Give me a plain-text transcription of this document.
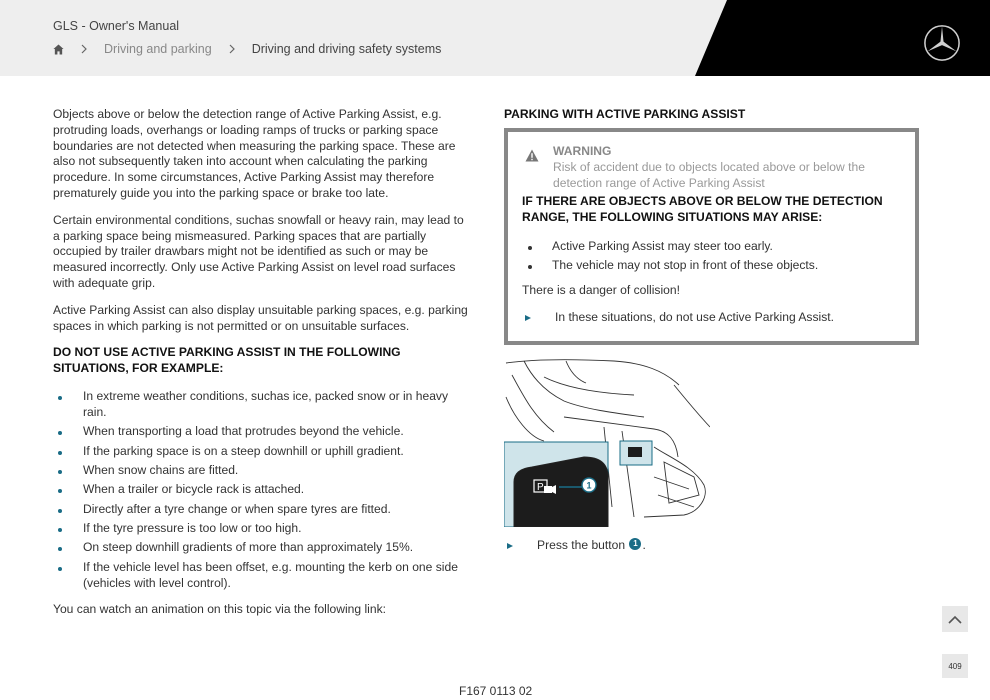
GLS - Owner's Manual
Driving and parking	Driving and driving safety systems

Objects above or below the detection range of Active Parking Assist, e.g. protruding loads, overhangs or loading ramps of trucks or parking space boundaries are not detected when measuring the parking space. These are also not subsequently taken into account when calculating the parking procedure. In some circumstances, Active Parking Assist may therefore prematurely guide you into the parking space or brake too late.

Certain environmental conditions, suchas snowfall or heavy rain, may lead to a parking space being mismeasured. Parking spaces that are partially occupied by trailer drawbars might not be identified as such or may be measured incorrectly. Only use Active Parking Assist on level road surfaces with adequate grip.

Active Parking Assist can also display unsuitable parking spaces, e.g. parking spaces in which parking is not permitted or on unsuitable surfaces.

DO NOT USE ACTIVE PARKING ASSIST IN THE FOLLOWING SITUATIONS, FOR EXAMPLE:
In extreme weather conditions, suchas ice, packed snow or in heavy rain.
When transporting a load that protrudes beyond the vehicle.
If the parking space is on a steep downhill or uphill gradient.
When snow chains are fitted.
When a trailer or bicycle rack is attached.
Directly after a tyre change or when spare tyres are fitted.
If the tyre pressure is too low or too high.
On steep downhill gradients of more than approximately 15%.
If the vehicle level has been offset, e.g. mounting the kerb on one side (vehicles with level control).

You can watch an animation on this topic via the following link:

PARKING WITH ACTIVE PARKING ASSIST
WARNING
Risk of accident due to objects located above or below the detection range of Active Parking Assist
IF THERE ARE OBJECTS ABOVE OR BELOW THE DETECTION RANGE, THE FOLLOWING SITUATIONS MAY ARISE:
Active Parking Assist may steer too early.
The vehicle may not stop in front of these objects.
There is a danger of collision!
In these situations, do not use Active Parking Assist.
P	1
Press the button
	1 .
409
F167 0113 02
